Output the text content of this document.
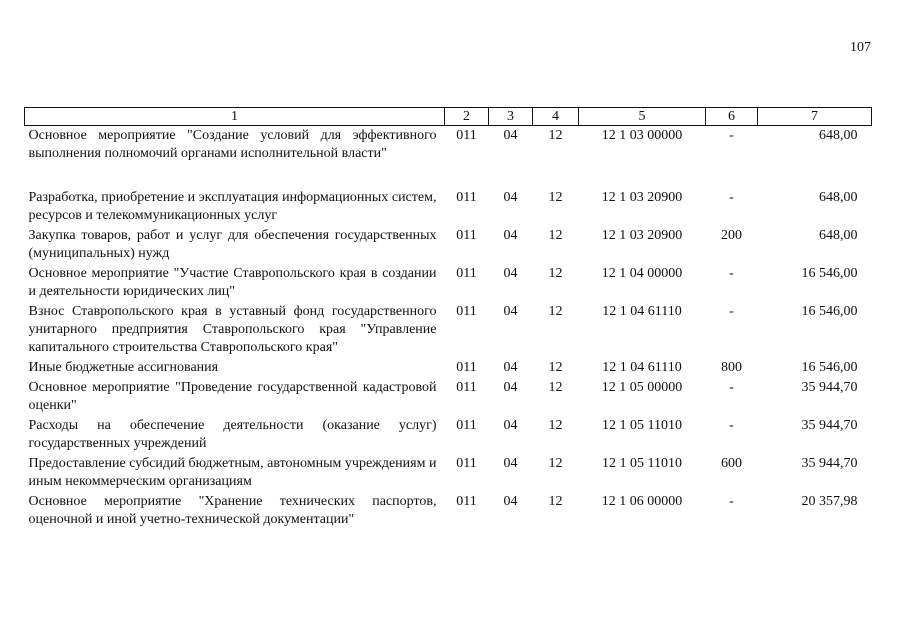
107
1	2	3	4	5	6	7
Основное мероприятие "Создание условий для эффективного выполнения полномочий органами исполнительной власти"	011	04	12	12 1 03 00000	-	648,00
Разработка, приобретение и эксплуатация информационных систем, ресурсов и телекоммуникационных услуг	011	04	12	12 1 03 20900	-	648,00
Закупка товаров, работ и услуг для обеспечения государственных (муниципальных) нужд	011	04	12	12 1 03 20900	200	648,00
Основное мероприятие "Участие Ставропольского края в создании и деятельности юридических лиц"	011	04	12	12 1 04 00000	-	16 546,00
Взнос Ставропольского края в уставный фонд государственного унитарного предприятия Ставропольского края "Управление капитального строительства Ставропольского края"	011	04	12	12 1 04 61110	-	16 546,00
Иные бюджетные ассигнования	011	04	12	12 1 04 61110	800	16 546,00
Основное мероприятие "Проведение государственной кадастровой оценки"	011	04	12	12 1 05 00000	-	35 944,70
Расходы на обеспечение деятельности (оказание услуг) государственных учреждений	011	04	12	12 1 05 11010	-	35 944,70
Предоставление субсидий бюджетным, автономным учреждениям и иным некоммерческим организациям	011	04	12	12 1 05 11010	600	35 944,70
Основное мероприятие "Хранение технических паспортов, оценочной и иной учетно-технической документации"	011	04	12	12 1 06 00000	-	20 357,98
